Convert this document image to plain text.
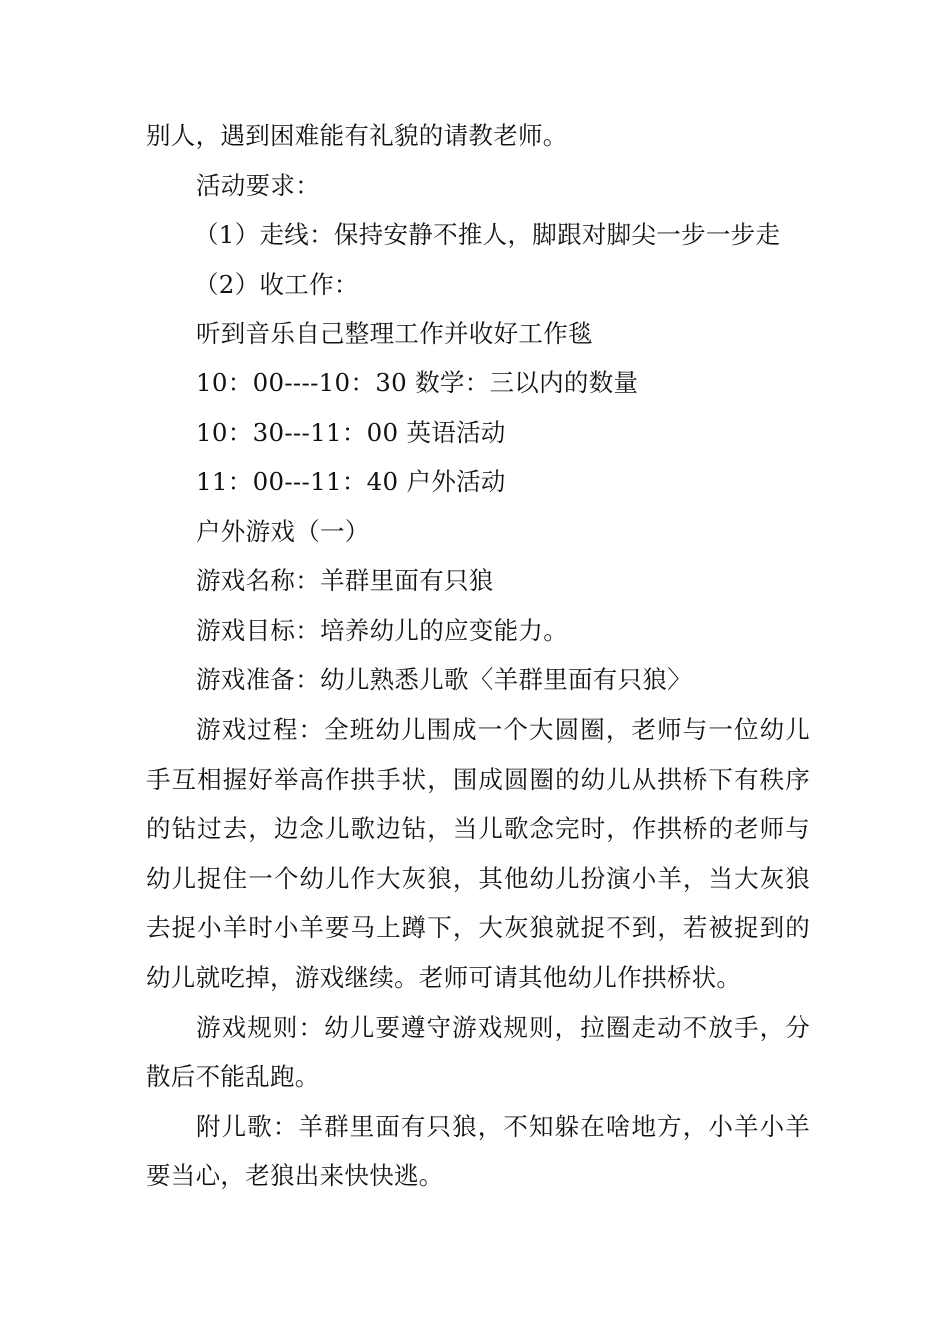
别人，遇到困难能有礼貌的请教老师。
活动要求：
（1）走线：保持安静不推人，脚跟对脚尖一步一步走
（2）收工作：
听到音乐自己整理工作并收好工作毯
10：00----10：30 数学：三以内的数量
10：30---11：00 英语活动
11：00---11：40 户外活动
户外游戏（一）
游戏名称：羊群里面有只狼
游戏目标：培养幼儿的应变能力。
游戏准备：幼儿熟悉儿歌〈羊群里面有只狼〉
游戏过程：全班幼儿围成一个大圆圈，老师与一位幼儿
手互相握好举高作拱手状，围成圆圈的幼儿从拱桥下有秩序
的钻过去，边念儿歌边钻，当儿歌念完时，作拱桥的老师与
幼儿捉住一个幼儿作大灰狼，其他幼儿扮演小羊，当大灰狼
去捉小羊时小羊要马上蹲下，大灰狼就捉不到，若被捉到的
幼儿就吃掉，游戏继续。老师可请其他幼儿作拱桥状。
游戏规则：幼儿要遵守游戏规则，拉圈走动不放手，分
散后不能乱跑。
附儿歌：羊群里面有只狼，不知躲在啥地方，小羊小羊
要当心，老狼出来快快逃。
